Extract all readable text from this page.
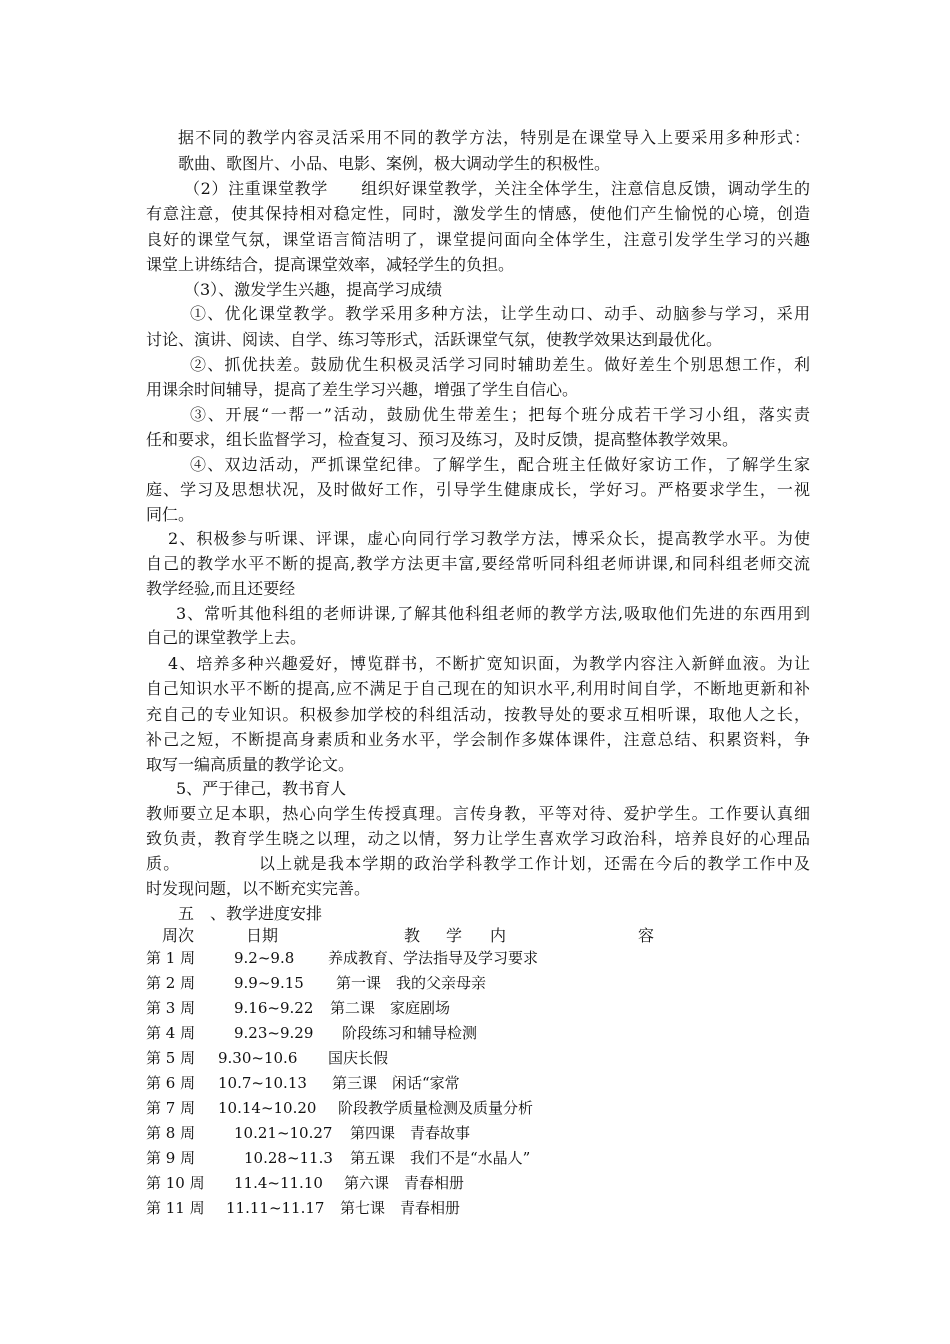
据不同的教学内容灵活采用不同的教学方法，特别是在课堂导入上要采用多种形式：
歌曲、歌图片、小品、电影、案例，极大调动学生的积极性。
（2）注重课堂教学　　组织好课堂教学，关注全体学生，注意信息反馈，调动学生的
有意注意，使其保持相对稳定性，同时，激发学生的情感，使他们产生愉悦的心境，创造
良好的课堂气氛，课堂语言简洁明了，课堂提问面向全体学生，注意引发学生学习的兴趣
课堂上讲练结合，提高课堂效率，减轻学生的负担。
（3）、激发学生兴趣，提高学习成绩
①、优化课堂教学。教学采用多种方法，让学生动口、动手、动脑参与学习，采用
讨论、演讲、阅读、自学、练习等形式，活跃课堂气氛，使教学效果达到最优化。
②、抓优扶差。鼓励优生积极灵活学习同时辅助差生。做好差生个别思想工作，利
用课余时间辅导，提高了差生学习兴趣，增强了学生自信心。
③、开展“一帮一”活动，鼓励优生带差生；把每个班分成若干学习小组，落实责
任和要求，组长监督学习，检查复习、预习及练习，及时反馈，提高整体教学效果。
④、双边活动，严抓课堂纪律。了解学生，配合班主任做好家访工作，了解学生家
庭、学习及思想状况，及时做好工作，引导学生健康成长，学好习。严格要求学生，一视
同仁。
2、积极参与听课、评课，虚心向同行学习教学方法，博采众长，提高教学水平。为使
自己的教学水平不断的提高,教学方法更丰富,要经常听同科组老师讲课,和同科组老师交流
教学经验,而且还要经
3、常听其他科组的老师讲课,了解其他科组老师的教学方法,吸取他们先进的东西用到
自己的课堂教学上去。
4、培养多种兴趣爱好，博览群书，不断扩宽知识面，为教学内容注入新鲜血液。为让
自己知识水平不断的提高,应不满足于自己现在的知识水平,利用时间自学，不断地更新和补
充自己的专业知识。积极参加学校的科组活动，按教导处的要求互相听课，取他人之长，
补己之短，不断提高身素质和业务水平，学会制作多媒体课件，注意总结、积累资料，争
取写一编高质量的教学论文。
5、严于律己，教书育人
教师要立足本职，热心向学生传授真理。言传身教，平等对待、爱护学生。工作要认真细
致负责，教育学生晓之以理，动之以情，努力让学生喜欢学习政治科，培养良好的心理品
质。　　　　　以上就是我本学期的政治学科教学工作计划，还需在今后的教学工作中及
时发现问题，以不断充实完善。
五　、教学进度安排
周次	日期	教 学 内	容
第 1 周	9.2~9.8 养成教育、学法指导及学习要求
第 2 周	9.9~9.15 第一课　我的父亲母亲
第 3 周	9.16~9.22 第二课　家庭剧场
第 4 周	9.23~9.29 阶段练习和辅导检测
第 5 周 9.30~10.6 国庆长假
第 6 周 10.7~10.13 第三课　闲话“家常
第 7 周 10.14~10.20 阶段教学质量检测及质量分析
第 8 周	10.21~10.27 第四课　青春故事
第 9 周	10.28~11.3 第五课　我们不是“水晶人”
第 10 周 11.4~11.10 第六课　青春相册
第 11 周 11.11~11.17 第七课　青春相册
